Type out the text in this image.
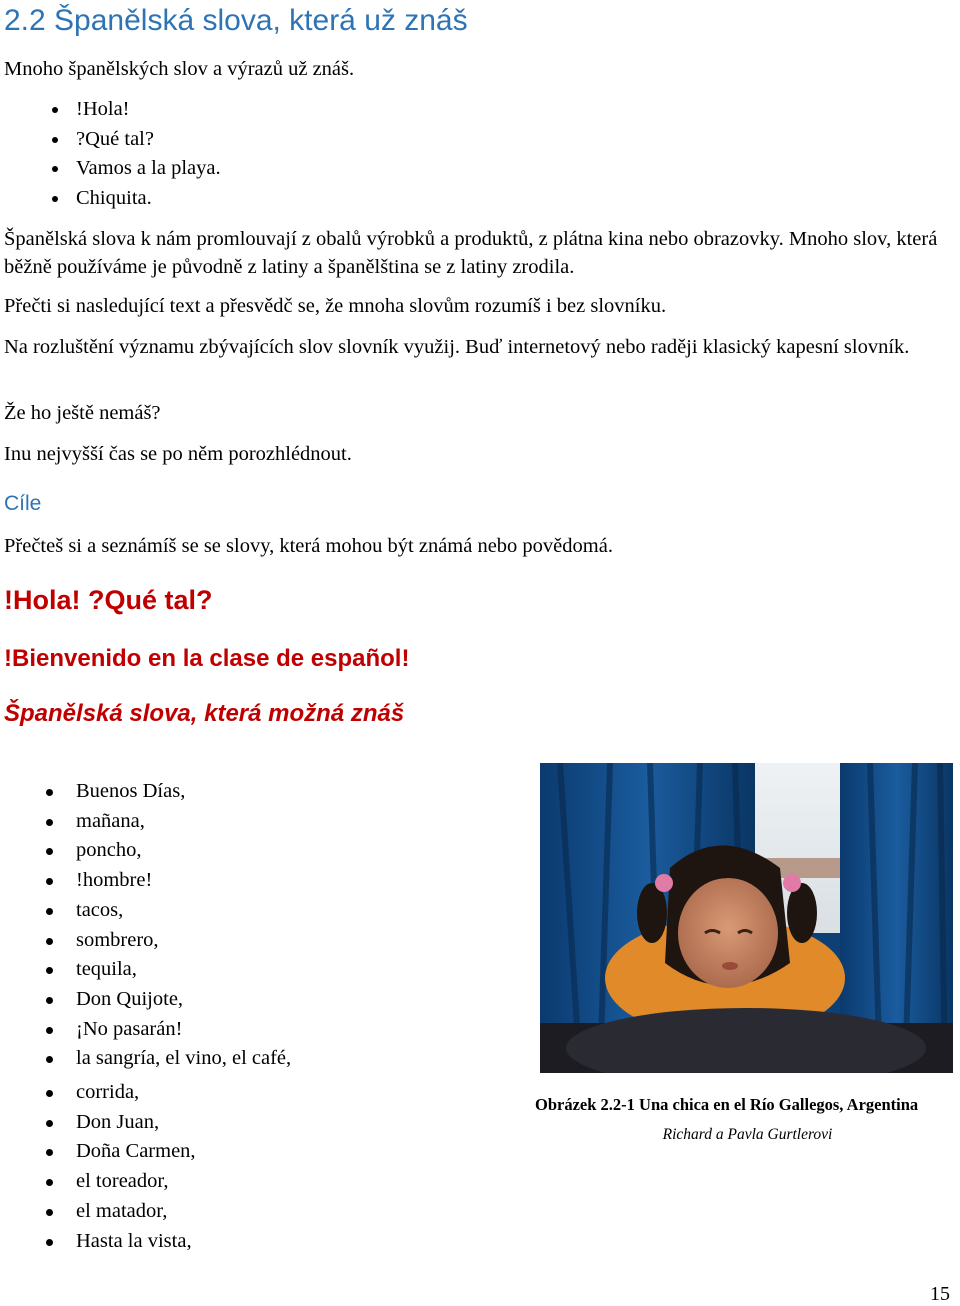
2.2 Španělská slova, která už znáš

Mnoho španělských slov a výrazů už znáš.

!Hola!
?Qué tal?
Vamos a la playa.
Chiquita.

Španělská slova k nám promlouvají z obalů výrobků a produktů, z plátna kina nebo obrazovky. Mnoho slov, která běžně používáme je původně z latiny a španělština se z latiny zrodila.

Přečti si nasledující text a přesvědč se, že mnoha slovům rozumíš i bez slovníku.

Na rozluštění významu zbývajících slov slovník využij. Buď internetový nebo raději klasický kapesní slovník.

Že ho ještě nemáš?

Inu nejvyšší čas se po něm porozhlédnout.

Cíle

Přečteš si a seznámíš se se slovy, která mohou být známá nebo povědomá.

!Hola! ?Qué tal?
!Bienvenido en la clase de español!
Španělská slova, která možná znáš
Buenos Días,
mañana,
poncho,
!hombre!
tacos,
sombrero,
tequila,
Don Quijote,
¡No pasarán!
la sangría, el vino, el café,
corrida,
Don Juan,
Doña Carmen,
el toreador,
el matador,
Hasta la vista,
Obrázek 2.2-1 Una chica en el Río Gallegos, Argentina
Richard a Pavla Gurtlerovi
15
